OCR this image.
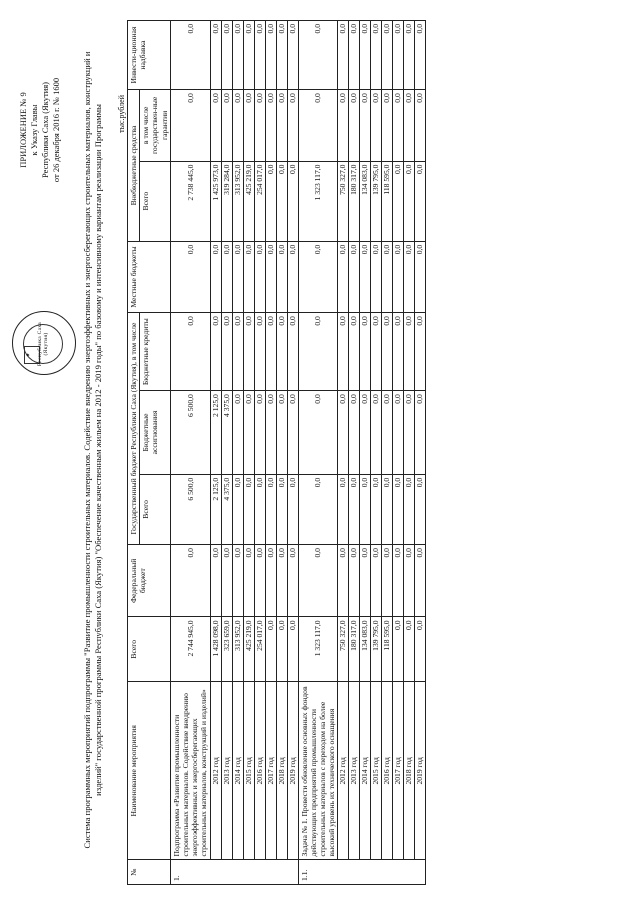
✦ Республика Саха (Якутия)
ПРИЛОЖЕНИЕ № 9 к Указу Главы Республики Саха (Якутия) от 26 декабря 2016 г. № 1600 Система программных мероприятий подпрограммы "Развитие промышленности строительных материалов. Содействие внедрению энергоэффективных и энергосберегающих строительных материалов, конструкций и изделий" государственной программы Республики Саха (Якутия) "Обеспечение качественным жильем на 2012 - 2019 годы" по базовому и интенсивному вариантам реализации Программы тыс.рублей
№	Наименование мероприятия	Всего	Федеральный бюджет	Государственный бюджет Республики Саха (Якутия), в том числе			Местные бюджеты	Внебюджетные средства		Инвести-ционная надбавка
				Всего	Бюджетные ассигнования	Бюджетные кредиты		Всего	в том числе государствен-ные гарантии	
1.	Подпрограмма «Развитие промышленности строительных материалов. Содействие внедрению энергоэффективных и энергосберегающих строительных материалов, конструкций и изделий»	2 744 945,0	0,0	6 500,0	6 500,0	0,0	0,0	2 738 445,0	0,0	0,0
	2012 год	1 428 098,0	0,0	2 125,0	2 125,0	0,0	0,0	1 425 973,0	0,0	0,0
	2013 год	323 659,0	0,0	4 375,0	4 375,0	0,0	0,0	319 284,0	0,0	0,0
	2014 год	313 952,0	0,0	0,0	0,0	0,0	0,0	313 952,0	0,0	0,0
	2015 год	425 219,0	0,0	0,0	0,0	0,0	0,0	425 219,0	0,0	0,0
	2016 год	254 017,0	0,0	0,0	0,0	0,0	0,0	254 017,0	0,0	0,0
	2017 год	0,0	0,0	0,0	0,0	0,0	0,0	0,0	0,0	0,0
	2018 год	0,0	0,0	0,0	0,0	0,0	0,0	0,0	0,0	0,0
	2019 год	0,0	0,0	0,0	0,0	0,0	0,0	0,0	0,0	0,0
1.1.	Задача № 1. Провести обновление основных фондов действующих предприятий промышленности строительных материалов с переходом на более высокий уровень их технического оснащения	1 323 117,0	0,0	0,0	0,0	0,0	0,0	1 323 117,0	0,0	0,0
	2012 год	750 327,0	0,0	0,0	0,0	0,0	0,0	750 327,0	0,0	0,0
	2013 год	180 317,0	0,0	0,0	0,0	0,0	0,0	180 317,0	0,0	0,0
	2014 год	134 083,0	0,0	0,0	0,0	0,0	0,0	134 083,0	0,0	0,0
	2015 год	139 795,0	0,0	0,0	0,0	0,0	0,0	139 795,0	0,0	0,0
	2016 год	118 595,0	0,0	0,0	0,0	0,0	0,0	118 595,0	0,0	0,0
	2017 год	0,0	0,0	0,0	0,0	0,0	0,0	0,0	0,0	0,0
	2018 год	0,0	0,0	0,0	0,0	0,0	0,0	0,0	0,0	0,0
	2019 год	0,0	0,0	0,0	0,0	0,0	0,0	0,0	0,0	0,0
